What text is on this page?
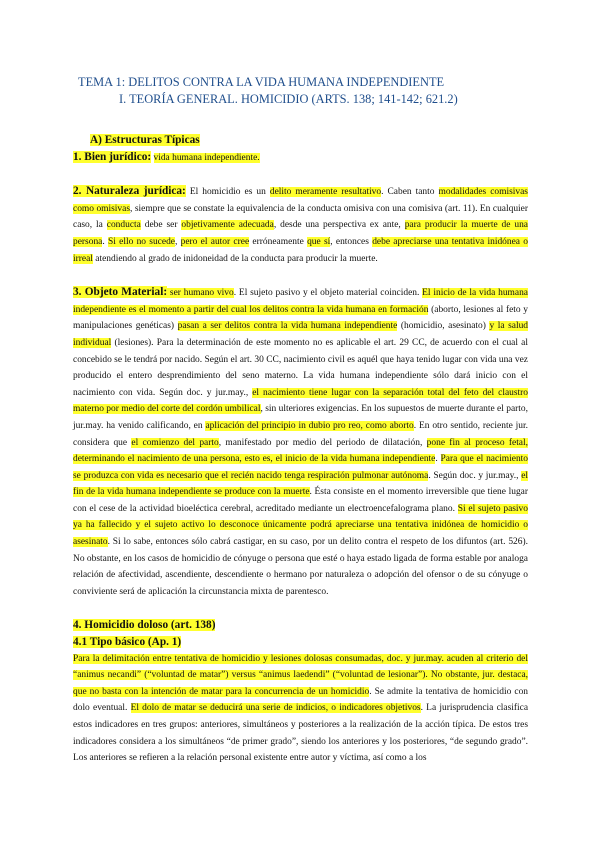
TEMA 1: DELITOS CONTRA LA VIDA HUMANA INDEPENDIENTE
I. TEORÍA GENERAL. HOMICIDIO (ARTS. 138; 141-142; 621.2)
A) Estructuras Típicas
1. Bien jurídico: vida humana independiente.
2. Naturaleza jurídica: El homicidio es un delito meramente resultativo. Caben tanto modalidades comisivas como omisivas, siempre que se constate la equivalencia de la conducta omisiva con una comisiva (art. 11). En cualquier caso, la conducta debe ser objetivamente adecuada, desde una perspectiva ex ante, para producir la muerte de una persona. Si ello no sucede, pero el autor cree erróneamente que sí, entonces debe apreciarse una tentativa inidónea o irreal atendiendo al grado de inidoneidad de la conducta para producir la muerte.
3. Objeto Material: ser humano vivo. El sujeto pasivo y el objeto material coinciden. El inicio de la vida humana independiente es el momento a partir del cual los delitos contra la vida humana en formación (aborto, lesiones al feto y manipulaciones genéticas) pasan a ser delitos contra la vida humana independiente (homicidio, asesinato) y la salud individual (lesiones). Para la determinación de este momento no es aplicable el art. 29 CC, de acuerdo con el cual al concebido se le tendrá por nacido. Según el art. 30 CC, nacimiento civil es aquél que haya tenido lugar con vida una vez producido el entero desprendimiento del seno materno. La vida humana independiente sólo dará inicio con el nacimiento con vida. Según doc. y jur.may., el nacimiento tiene lugar con la separación total del feto del claustro materno por medio del corte del cordón umbilical, sin ulteriores exigencias. En los supuestos de muerte durante el parto, jur.may. ha venido calificando, en aplicación del principio in dubio pro reo, como aborto. En otro sentido, reciente jur. considera que el comienzo del parto, manifestado por medio del periodo de dilatación, pone fin al proceso fetal, determinando el nacimiento de una persona, esto es, el inicio de la vida humana independiente. Para que el nacimiento se produzca con vida es necesario que el recién nacido tenga respiración pulmonar autónoma. Según doc. y jur.may., el fin de la vida humana independiente se produce con la muerte. Ésta consiste en el momento irreversible que tiene lugar con el cese de la actividad bioeléctica cerebral, acreditado mediante un electroencefalograma plano. Si el sujeto pasivo ya ha fallecido y el sujeto activo lo desconoce únicamente podrá apreciarse una tentativa inidónea de homicidio o asesinato. Si lo sabe, entonces sólo cabrá castigar, en su caso, por un delito contra el respeto de los difuntos (art. 526). No obstante, en los casos de homicidio de cónyuge o persona que esté o haya estado ligada de forma estable por analoga relación de afectividad, ascendiente, descendiente o hermano por naturaleza o adopción del ofensor o de su cónyuge o conviviente será de aplicación la circunstancia mixta de parentesco.
4. Homicidio doloso (art. 138)
4.1 Tipo básico (Ap. 1)
Para la delimitación entre tentativa de homicidio y lesiones dolosas consumadas, doc. y jur.may. acuden al criterio del “animus necandi” (“voluntad de matar”) versus “animus laedendi” (“voluntad de lesionar”). No obstante, jur. destaca, que no basta con la intención de matar para la concurrencia de un homicidio. Se admite la tentativa de homicidio con dolo eventual. El dolo de matar se deducirá una serie de indicios, o indicadores objetivos. La jurisprudencia clasifica estos indicadores en tres grupos: anteriores, simultáneos y posteriores a la realización de la acción típica. De estos tres indicadores considera a los simultáneos “de primer grado”, siendo los anteriores y los posteriores, “de segundo grado”. Los anteriores se refieren a la relación personal existente entre autor y víctima, así como a los
